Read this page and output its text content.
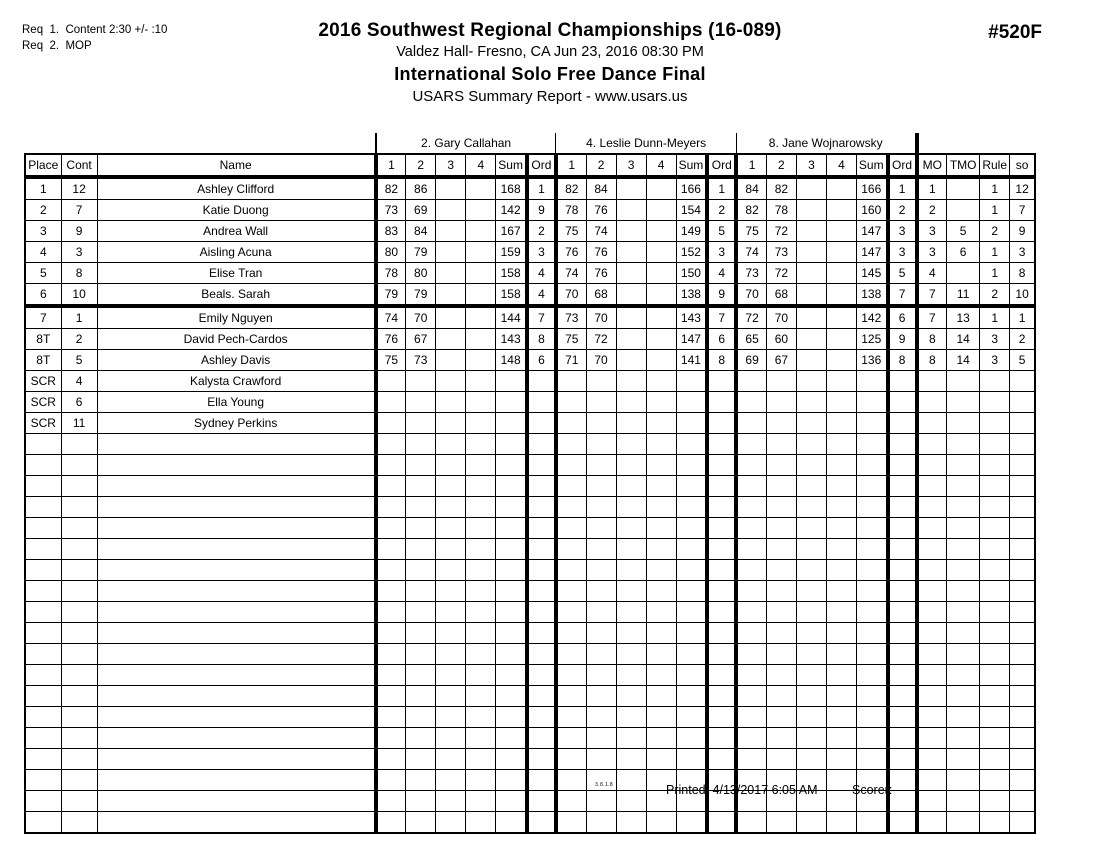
Req  1.  Content 2:30 +/- :10
Req  2.  MOP
2016 Southwest Regional Championships (16-089)
Valdez Hall- Fresno, CA Jun 23, 2016 08:30 PM
International Solo Free Dance Final
USARS Summary Report - www.usars.us
#520F
			2. Gary Callahan						4. Leslie Dunn-Meyers						8. Jane Wojnarowsky									
Place	Cont	Name	1	2	3	4	Sum	Ord	1	2	3	4	Sum	Ord	1	2	3	4	Sum	Ord	MO	TMO	Rule	so
1	12	Ashley Clifford	82	86			168	1	82	84			166	1	84	82			166	1	1		1	12
2	7	Katie Duong	73	69			142	9	78	76			154	2	82	78			160	2	2		1	7
3	9	Andrea Wall	83	84			167	2	75	74			149	5	75	72			147	3	3	5	2	9
4	3	Aisling Acuna	80	79			159	3	76	76			152	3	74	73			147	3	3	6	1	3
5	8	Elise Tran	78	80			158	4	74	76			150	4	73	72			145	5	4		1	8
6	10	Beals. Sarah	79	79			158	4	70	68			138	9	70	68			138	7	7	11	2	10
7	1	Emily Nguyen	74	70			144	7	73	70			143	7	72	70			142	6	7	13	1	1
8T	2	David Pech-Cardos	76	67			143	8	75	72			147	6	65	60			125	9	8	14	3	2
8T	5	Ashley Davis	75	73			148	6	71	70			141	8	69	67			136	8	8	14	3	5
SCR	4	Kalysta Crawford																						
SCR	6	Ella Young																						
SCR	11	Sydney Perkins																						

3.8.1.8	Printed: 4/13/2017 6:05 AM	Scorer:
